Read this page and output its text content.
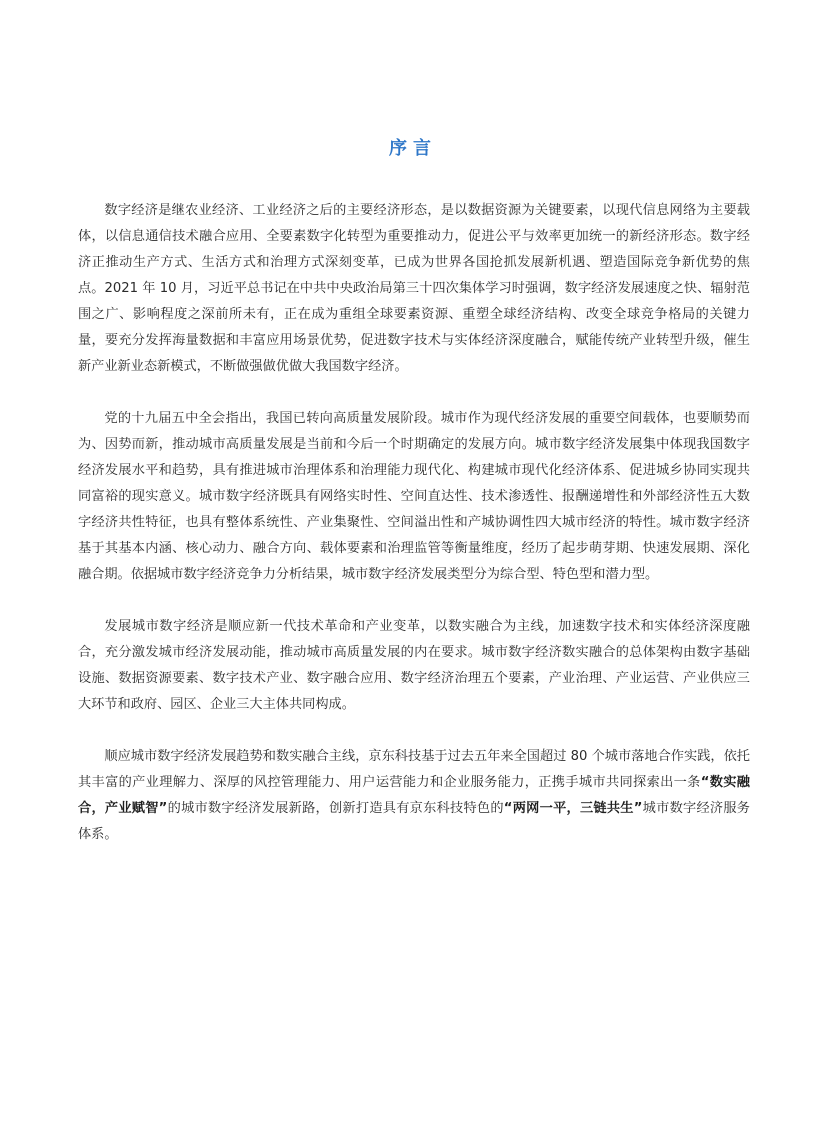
序言

数字经济是继农业经济、工业经济之后的主要经济形态，是以数据资源为关键要素，以现代信息网络为主要载体，以信息通信技术融合应用、全要素数字化转型为重要推动力，促进公平与效率更加统一的新经济形态。数字经济正推动生产方式、生活方式和治理方式深刻变革，已成为世界各国抢抓发展新机遇、塑造国际竞争新优势的焦点。2021 年 10 月，习近平总书记在中共中央政治局第三十四次集体学习时强调，数字经济发展速度之快、辐射范围之广、影响程度之深前所未有，正在成为重组全球要素资源、重塑全球经济结构、改变全球竞争格局的关键力量，要充分发挥海量数据和丰富应用场景优势，促进数字技术与实体经济深度融合，赋能传统产业转型升级，催生新产业新业态新模式，不断做强做优做大我国数字经济。

党的十九届五中全会指出，我国已转向高质量发展阶段。城市作为现代经济发展的重要空间载体，也要顺势而为、因势而新，推动城市高质量发展是当前和今后一个时期确定的发展方向。城市数字经济发展集中体现我国数字经济发展水平和趋势，具有推进城市治理体系和治理能力现代化、构建城市现代化经济体系、促进城乡协同实现共同富裕的现实意义。城市数字经济既具有网络实时性、空间直达性、技术渗透性、报酬递增性和外部经济性五大数字经济共性特征，也具有整体系统性、产业集聚性、空间溢出性和产城协调性四大城市经济的特性。城市数字经济基于其基本内涵、核心动力、融合方向、载体要素和治理监管等衡量维度，经历了起步萌芽期、快速发展期、深化融合期。依据城市数字经济竞争力分析结果，城市数字经济发展类型分为综合型、特色型和潜力型。

发展城市数字经济是顺应新一代技术革命和产业变革，以数实融合为主线，加速数字技术和实体经济深度融合，充分激发城市经济发展动能，推动城市高质量发展的内在要求。城市数字经济数实融合的总体架构由数字基础设施、数据资源要素、数字技术产业、数字融合应用、数字经济治理五个要素，产业治理、产业运营、产业供应三大环节和政府、园区、企业三大主体共同构成。

顺应城市数字经济发展趋势和数实融合主线，京东科技基于过去五年来全国超过 80 个城市落地合作实践，依托其丰富的产业理解力、深厚的风控管理能力、用户运营能力和企业服务能力，正携手城市共同探索出一条“数实融合，产业赋智”的城市数字经济发展新路，创新打造具有京东科技特色的“两网一平，三链共生”城市数字经济服务体系。
